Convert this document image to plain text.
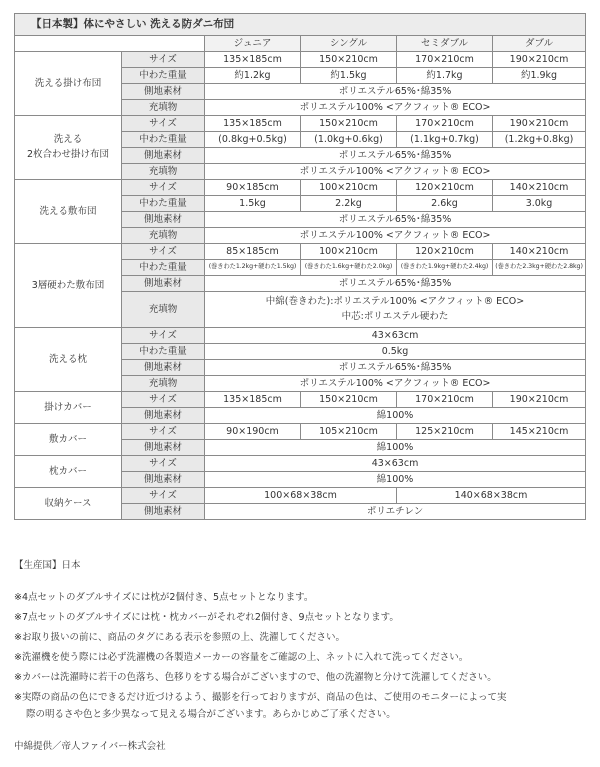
【日本製】体にやさしい 洗える防ダニ布団					
		ジュニア	シングル	セミダブル	ダブル
洗える掛け布団	サイズ	135×185cm	150×210cm	170×210cm	190×210cm
	中わた重量	約1.2kg	約1.5kg	約1.7kg	約1.9kg
	側地素材	ポリエステル65%･綿35%			
	充填物	ポリエステル100% <アクフィット® ECO>			

洗える
2枚合わせ掛け布団	サイズ	135×185cm	150×210cm	170×210cm	190×210cm
	中わた重量	(0.8kg+0.5kg)	(1.0kg+0.6kg)	(1.1kg+0.7kg)	(1.2kg+0.8kg)
	側地素材	ポリエステル65%･綿35%			
	充填物	ポリエステル100% <アクフィット® ECO>			
洗える敷布団	サイズ	90×185cm	100×210cm	120×210cm	140×210cm
	中わた重量	1.5kg	2.2kg	2.6kg	3.0kg
	側地素材	ポリエステル65%･綿35%			
	充填物	ポリエステル100% <アクフィット® ECO>			
3層硬わた敷布団	サイズ	85×185cm	100×210cm	120×210cm	140×210cm
	中わた重量	(巻きわた1.2kg+硬わた1.5kg)	(巻きわた1.6kg+硬わた2.0kg)	(巻きわた1.9kg+硬わた2.4kg)	(巻きわた2.3kg+硬わた2.8kg)
	側地素材	ポリエステル65%･綿35%			
	充填物	中綿(巻きわた):ポリエステル100% <アクフィット® ECO>
中芯:ポリエステル硬わた			

洗える枕	サイズ	43×63cm			
	中わた重量	0.5kg			
	側地素材	ポリエステル65%･綿35%			
	充填物	ポリエステル100% <アクフィット® ECO>			
掛けカバー	サイズ	135×185cm	150×210cm	170×210cm	190×210cm
	側地素材	綿100%			
敷カバー	サイズ	90×190cm	105×210cm	125×210cm	145×210cm
	側地素材	綿100%			
枕カバー	サイズ	43×63cm			
	側地素材	綿100%			
収納ケース	サイズ	100×68×38cm		140×68×38cm	
	側地素材	ポリエチレン			
【生産国】日本
※4点セットのダブルサイズには枕が2個付き、5点セットとなります。
※7点セットのダブルサイズには枕・枕カバーがそれぞれ2個付き、9点セットとなります。
※お取り扱いの前に、商品のタグにある表示を参照の上、洗濯してください。
※洗濯機を使う際には必ず洗濯機の各製造メーカーの容量をご確認の上、ネットに入れて洗ってください。
※カバーは洗濯時に若干の色落ち、色移りをする場合がございますので、他の洗濯物と分けて洗濯してください。
※実際の商品の色にできるだけ近づけるよう、撮影を行っておりますが、商品の色は、ご使用のモニターによって実
際の明るさや色と多少異なって見える場合がございます。あらかじめご了承ください。
中綿提供／帝人ファイバー株式会社
